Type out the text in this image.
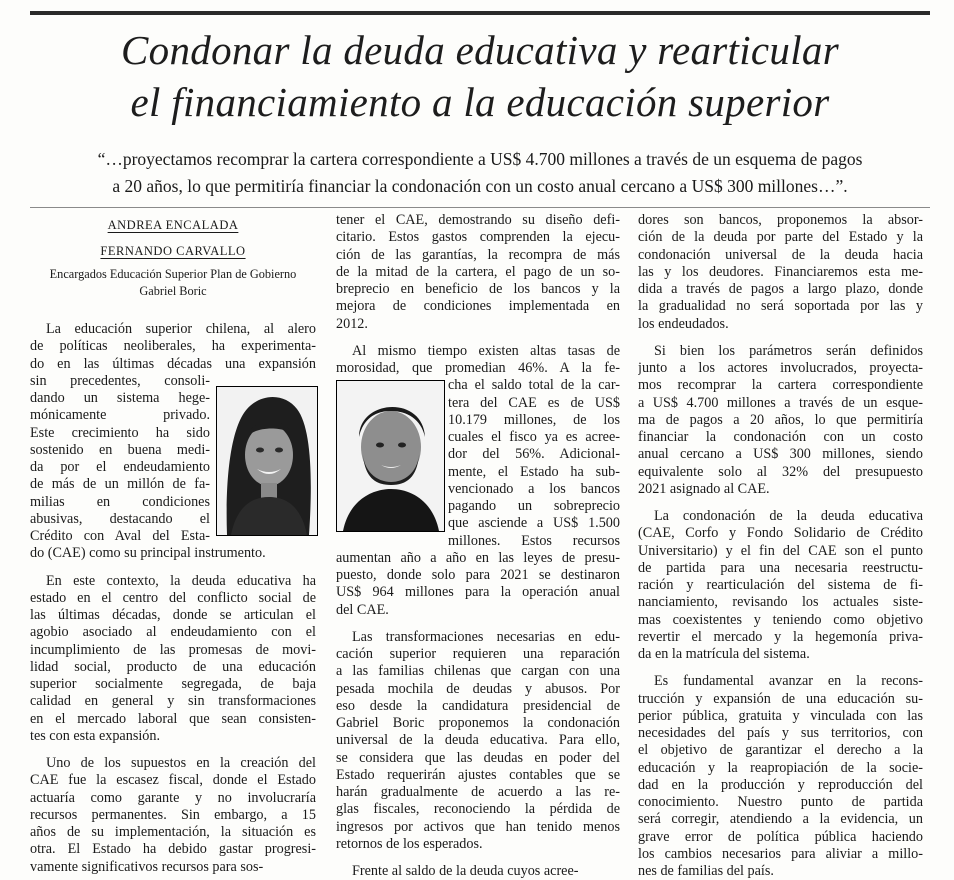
Condonar la deuda educativa y rearticular
el financiamiento a la educación superior
“…proyectamos recomprar la cartera correspondiente a US$ 4.700 millones a través de un esquema de pagos
a 20 años, lo que permitiría financiar la condonación con un costo anual cercano a US$ 300 millones…”.
ANDREA ENCALADA
FERNANDO CARVALLO
Encargados Educación Superior Plan de Gobierno
Gabriel Boric
La educación superior chilena, al alero
de políticas neoliberales, ha experimenta-
do en las últimas décadas una expansión
sin precedentes, consoli-
dando un sistema hege-
mónicamente privado.
Este crecimiento ha sido
sostenido en buena medi-
da por el endeudamiento
de más de un millón de fa-
milias en condiciones
abusivas, destacando el
Crédito con Aval del Esta-
do (CAE) como su principal instrumento.
En este contexto, la deuda educativa ha
estado en el centro del conflicto social de
las últimas décadas, donde se articulan el
agobio asociado al endeudamiento con el
incumplimiento de las promesas de movi-
lidad social, producto de una educación
superior socialmente segregada, de baja
calidad en general y sin transformaciones
en el mercado laboral que sean consisten-
tes con esta expansión.
Uno de los supuestos en la creación del
CAE fue la escasez fiscal, donde el Estado
actuaría como garante y no involucraría
recursos permanentes. Sin embargo, a 15
años de su implementación, la situación es
otra. El Estado ha debido gastar progresi-
vamente significativos recursos para sos-
tener el CAE, demostrando su diseño defi-
citario. Estos gastos comprenden la ejecu-
ción de las garantías, la recompra de más
de la mitad de la cartera, el pago de un so-
breprecio en beneficio de los bancos y la
mejora de condiciones implementada en
2012.
Al mismo tiempo existen altas tasas de
morosidad, que promedian 46%. A la fe-
cha el saldo total de la car-
tera del CAE es de US$
10.179 millones, de los
cuales el fisco ya es acree-
dor del 56%. Adicional-
mente, el Estado ha sub-
vencionado a los bancos
pagando un sobreprecio
que asciende a US$ 1.500
millones. Estos recursos
aumentan año a año en las leyes de presu-
puesto, donde solo para 2021 se destinaron
US$ 964 millones para la operación anual
del CAE.
Las transformaciones necesarias en edu-
cación superior requieren una reparación
a las familias chilenas que cargan con una
pesada mochila de deudas y abusos. Por
eso desde la candidatura presidencial de
Gabriel Boric proponemos la condonación
universal de la deuda educativa. Para ello,
se considera que las deudas en poder del
Estado requerirán ajustes contables que se
harán gradualmente de acuerdo a las re-
glas fiscales, reconociendo la pérdida de
ingresos por activos que han tenido menos
retornos de los esperados.
Frente al saldo de la deuda cuyos acree-
dores son bancos, proponemos la absor-
ción de la deuda por parte del Estado y la
condonación universal de la deuda hacia
las y los deudores. Financiaremos esta me-
dida a través de pagos a largo plazo, donde
la gradualidad no será soportada por las y
los endeudados.
Si bien los parámetros serán definidos
junto a los actores involucrados, proyecta-
mos recomprar la cartera correspondiente
a US$ 4.700 millones a través de un esque-
ma de pagos a 20 años, lo que permitiría
financiar la condonación con un costo
anual cercano a US$ 300 millones, siendo
equivalente solo al 32% del presupuesto
2021 asignado al CAE.
La condonación de la deuda educativa
(CAE, Corfo y Fondo Solidario de Crédito
Universitario) y el fin del CAE son el punto
de partida para una necesaria reestructu-
ración y rearticulación del sistema de fi-
nanciamiento, revisando los actuales siste-
mas coexistentes y teniendo como objetivo
revertir el mercado y la hegemonía priva-
da en la matrícula del sistema.
Es fundamental avanzar en la recons-
trucción y expansión de una educación su-
perior pública, gratuita y vinculada con las
necesidades del país y sus territorios, con
el objetivo de garantizar el derecho a la
educación y la reapropiación de la socie-
dad en la producción y reproducción del
conocimiento. Nuestro punto de partida
será corregir, atendiendo a la evidencia, un
grave error de política pública haciendo
los cambios necesarios para aliviar a millo-
nes de familias del país.
